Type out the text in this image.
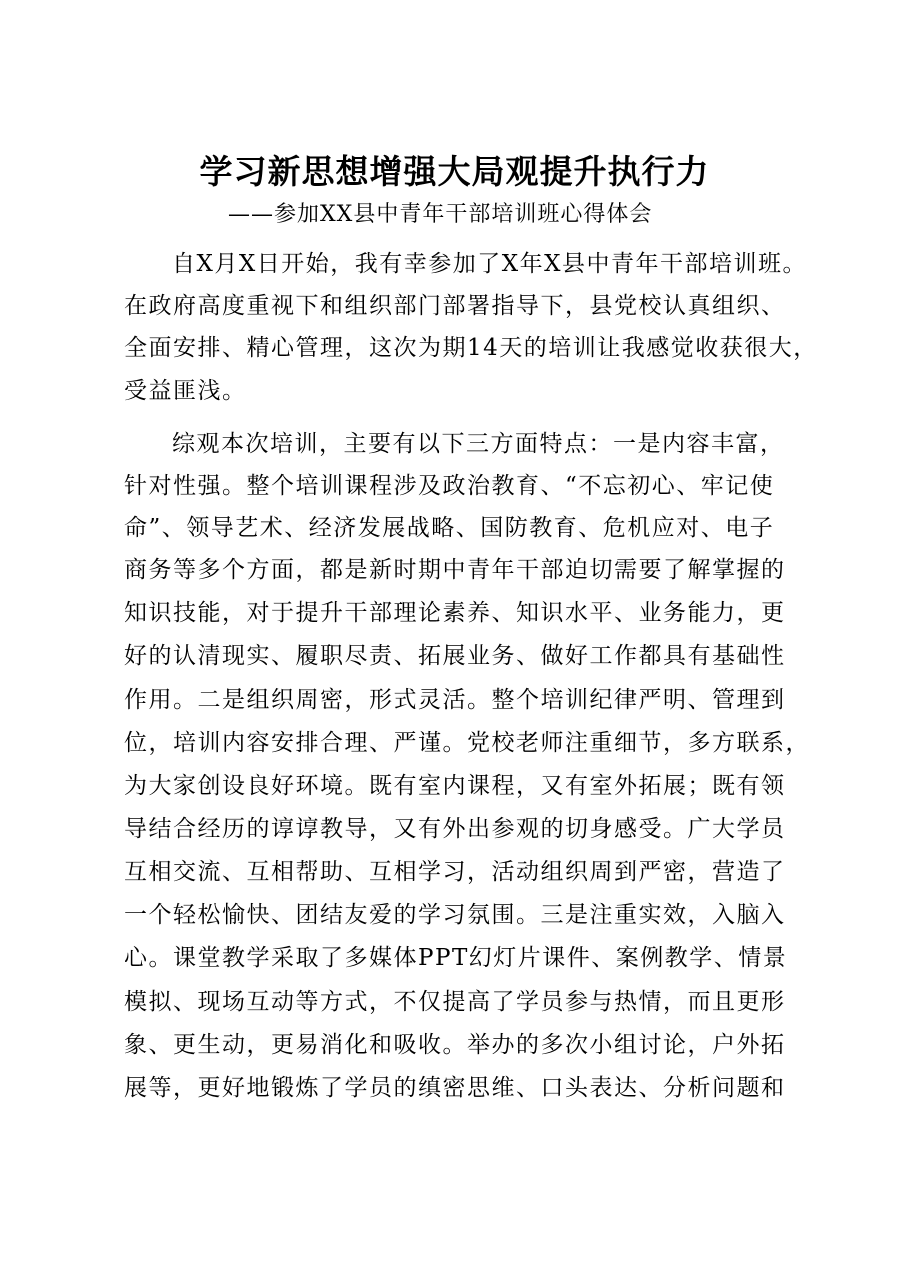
学习新思想增强大局观提升执行力
——参加XX县中青年干部培训班心得体会
自X月X日开始，我有幸参加了X年X县中青年干部培训班。
在政府高度重视下和组织部门部署指导下，县党校认真组织、
全面安排、精心管理，这次为期14天的培训让我感觉收获很大，
受益匪浅。
综观本次培训，主要有以下三方面特点：一是内容丰富，
针对性强。整个培训课程涉及政治教育、“不忘初心、牢记使
命”、领导艺术、经济发展战略、国防教育、危机应对、电子
商务等多个方面，都是新时期中青年干部迫切需要了解掌握的
知识技能，对于提升干部理论素养、知识水平、业务能力，更
好的认清现实、履职尽责、拓展业务、做好工作都具有基础性
作用。二是组织周密，形式灵活。整个培训纪律严明、管理到
位，培训内容安排合理、严谨。党校老师注重细节，多方联系，
为大家创设良好环境。既有室内课程，又有室外拓展；既有领
导结合经历的谆谆教导，又有外出参观的切身感受。广大学员
互相交流、互相帮助、互相学习，活动组织周到严密，营造了
一个轻松愉快、团结友爱的学习氛围。三是注重实效，入脑入
心。课堂教学采取了多媒体PPT幻灯片课件、案例教学、情景
模拟、现场互动等方式，不仅提高了学员参与热情，而且更形
象、更生动，更易消化和吸收。举办的多次小组讨论，户外拓
展等，更好地锻炼了学员的缜密思维、口头表达、分析问题和
